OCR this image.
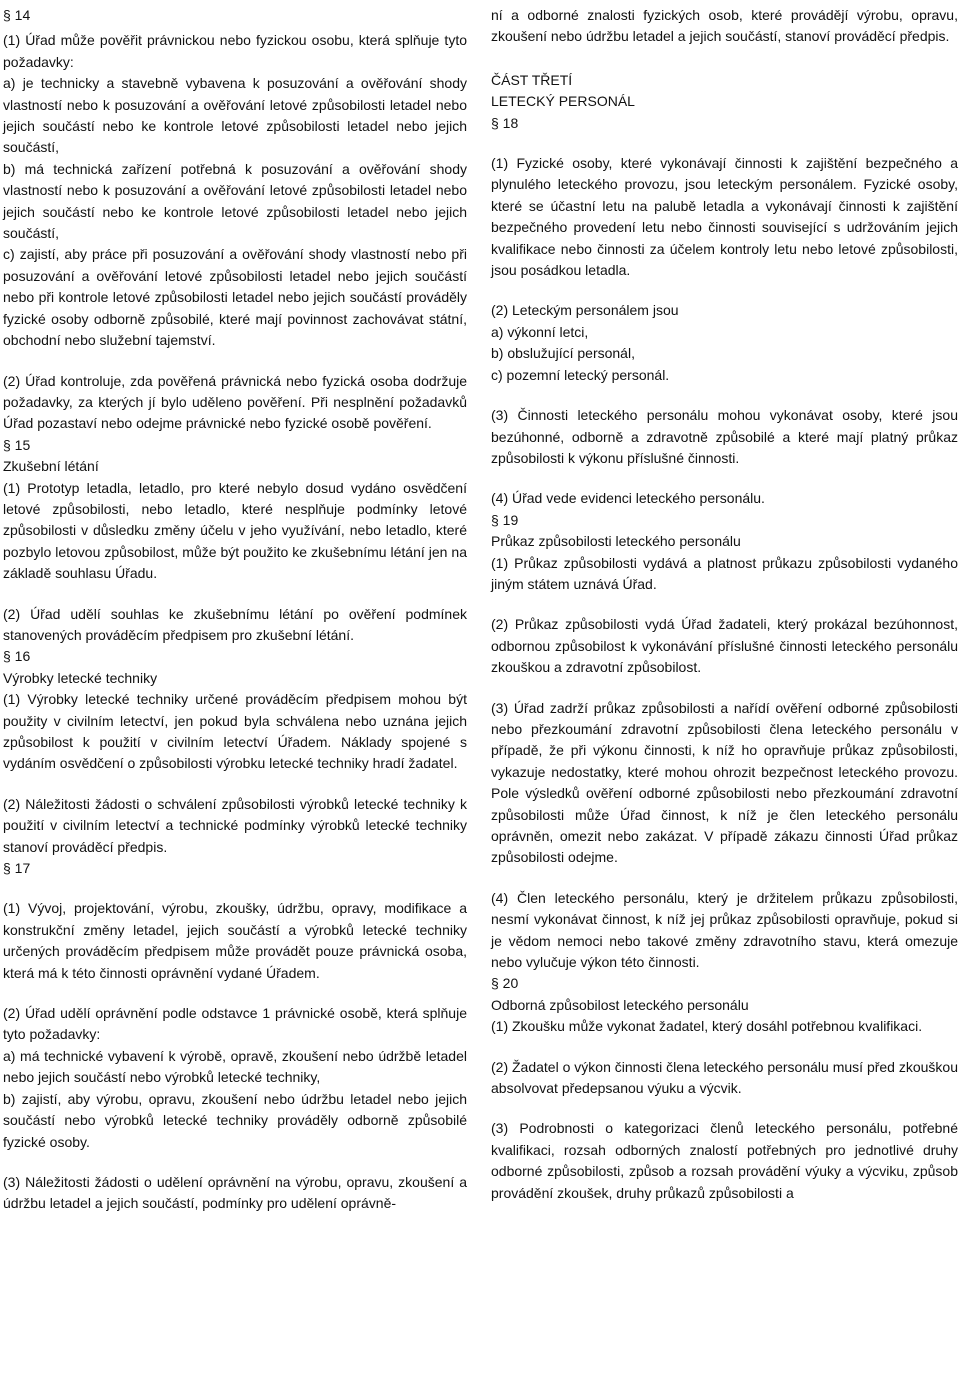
§ 14

(1) Úřad může pověřit právnickou nebo fyzickou osobu, která splňuje tyto požadavky:

a) je technicky a stavebně vybavena k posuzování a ověřování shody vlastností nebo k posuzování a ověřování letové způsobilosti letadel nebo jejich součástí nebo ke kontrole letové způsobilosti letadel nebo jejich součástí,

b) má technická zařízení potřebná k posuzování a ověřování shody vlastností nebo k posuzování a ověřování letové způsobilosti letadel nebo jejich součástí nebo ke kontrole letové způsobilosti letadel nebo jejich součástí,

c) zajistí, aby práce při posuzování a ověřování shody vlastností nebo při posuzování a ověřování letové způsobilosti letadel nebo jejich součástí nebo při kontrole letové způsobilosti letadel nebo jejich součástí prováděly fyzické osoby odborně způsobilé, které mají povinnost zachovávat státní, obchodní nebo služební tajemství.

(2) Úřad kontroluje, zda pověřená právnická nebo fyzická osoba dodržuje požadavky, za kterých jí bylo uděleno pověření. Při nesplnění požadavků Úřad pozastaví nebo odejme právnické nebo fyzické osobě pověření.

§ 15

Zkušební létání

(1) Prototyp letadla, letadlo, pro které nebylo dosud vydáno osvědčení letové způsobilosti, nebo letadlo, které nesplňuje podmínky letové způsobilosti v důsledku změny účelu v jeho využívání, nebo letadlo, které pozbylo letovou způsobilost, může být použito ke zkušebnímu létání jen na základě souhlasu Úřadu.

(2) Úřad udělí souhlas ke zkušebnímu létání po ověření podmínek stanovených prováděcím předpisem pro zkušební létání.

§ 16

Výrobky letecké techniky

(1) Výrobky letecké techniky určené prováděcím předpisem mohou být použity v civilním letectví, jen pokud byla schválena nebo uznána jejich způsobilost k použití v civilním letectví Úřadem. Náklady spojené s vydáním osvědčení o způsobilosti výrobku letecké techniky hradí žadatel.

(2) Náležitosti žádosti o schválení způsobilosti výrobků letecké techniky k použití v civilním letectví a technické podmínky výrobků letecké techniky stanoví prováděcí předpis.

§ 17

(1) Vývoj, projektování, výrobu, zkoušky, údržbu, opravy, modifikace a konstrukční změny letadel, jejich součástí a výrobků letecké techniky určených prováděcím předpisem může provádět pouze právnická osoba, která má k této činnosti oprávnění vydané Úřadem.

(2) Úřad udělí oprávnění podle odstavce 1 právnické osobě, která splňuje tyto požadavky:

a) má technické vybavení k výrobě, opravě, zkoušení nebo údržbě letadel nebo jejich součástí nebo výrobků letecké techniky,

b) zajistí, aby výrobu, opravu, zkoušení nebo údržbu letadel nebo jejich součástí nebo výrobků letecké techniky prováděly odborně způsobilé fyzické osoby.

(3) Náležitosti žádosti o udělení oprávnění na výrobu, opravu, zkoušení a údržbu letadel a jejich součástí, podmínky pro udělení oprávně-

ní a odborné znalosti fyzických osob, které provádějí výrobu, opravu, zkoušení nebo údržbu letadel a jejich součástí, stanoví prováděcí předpis.

ČÁST TŘETÍ

LETECKÝ PERSONÁL

§ 18

(1) Fyzické osoby, které vykonávají činnosti k zajištění bezpečného a plynulého leteckého provozu, jsou leteckým personálem. Fyzické osoby, které se účastní letu na palubě letadla a vykonávají činnosti k zajištění bezpečného provedení letu nebo činnosti související s udržováním jejich kvalifikace nebo činnosti za účelem kontroly letu nebo letové způsobilosti, jsou posádkou letadla.

(2) Leteckým personálem jsou

a) výkonní letci,

b) obslužující personál,

c) pozemní letecký personál.

(3) Činnosti leteckého personálu mohou vykonávat osoby, které jsou bezúhonné, odborně a zdravotně způsobilé a které mají platný průkaz způsobilosti k výkonu příslušné činnosti.

(4) Úřad vede evidenci leteckého personálu.

§ 19

Průkaz způsobilosti leteckého personálu

(1) Průkaz způsobilosti vydává a platnost průkazu způsobilosti vydaného jiným státem uznává Úřad.

(2) Průkaz způsobilosti vydá Úřad žadateli, který prokázal bezúhonnost, odbornou způsobilost k vykonávání příslušné činnosti leteckého personálu zkouškou a zdravotní způsobilost.

(3) Úřad zadrží průkaz způsobilosti a nařídí ověření odborné způsobilosti nebo přezkoumání zdravotní způsobilosti člena leteckého personálu v případě, že při výkonu činnosti, k níž ho opravňuje průkaz způsobilosti, vykazuje nedostatky, které mohou ohrozit bezpečnost leteckého provozu. Pole výsledků ověření odborné způsobilosti nebo přezkoumání zdravotní způsobilosti může Úřad činnost, k níž je člen leteckého personálu oprávněn, omezit nebo zakázat. V případě zákazu činnosti Úřad průkaz způsobilosti odejme.

(4) Člen leteckého personálu, který je držitelem průkazu způsobilosti, nesmí vykonávat činnost, k níž jej průkaz způsobilosti opravňuje, pokud si je vědom nemoci nebo takové změny zdravotního stavu, která omezuje nebo vylučuje výkon této činnosti.

§ 20

Odborná způsobilost leteckého personálu

(1) Zkoušku může vykonat žadatel, který dosáhl potřebnou kvalifikaci.

(2) Žadatel o výkon činnosti člena leteckého personálu musí před zkouškou absolvovat předepsanou výuku a výcvik.

(3) Podrobnosti o kategorizaci členů leteckého personálu, potřebné kvalifikaci, rozsah odborných znalostí potřebných pro jednotlivé druhy odborné způsobilosti, způsob a rozsah provádění výuky a výcviku, způsob provádění zkoušek, druhy průkazů způsobilosti a
